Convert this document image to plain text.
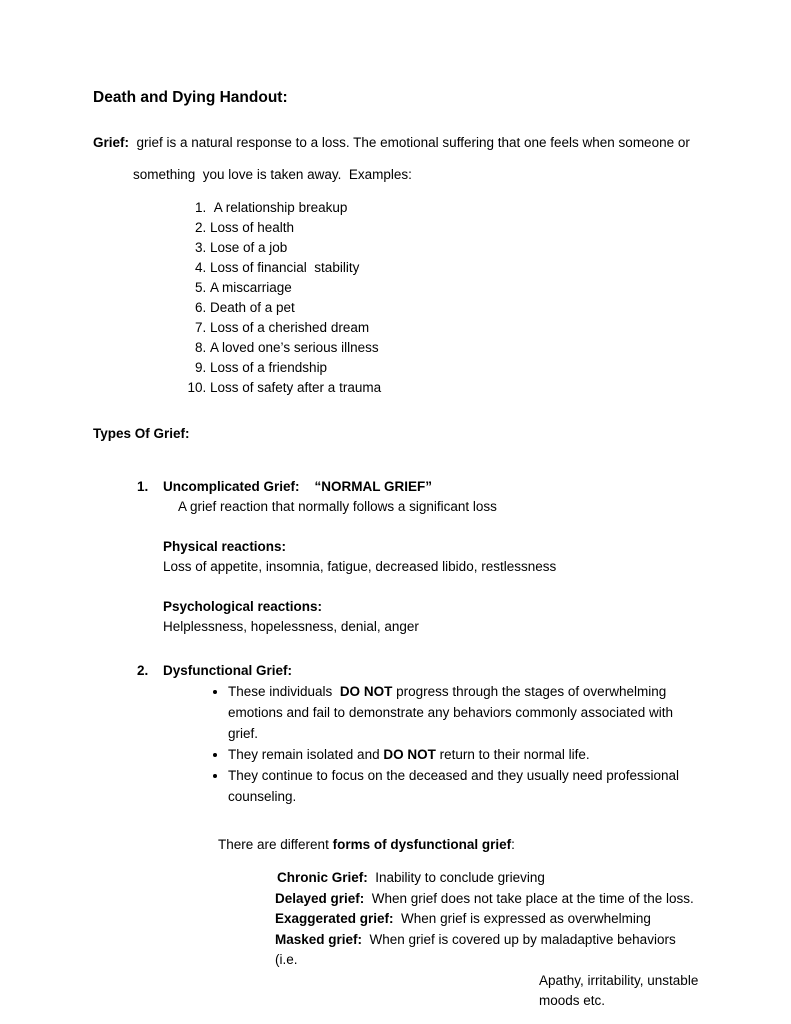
Death and Dying Handout:

Grief:  grief is a natural response to a loss. The emotional suffering that one feels when someone or

something  you love is taken away.  Examples:

1.  A relationship breakup
2. Loss of health
3. Lose of a job
4. Loss of financial  stability
5. A miscarriage
6. Death of a pet
7. Loss of a cherished dream
8. A loved one’s serious illness
9. Loss of a friendship
10. Loss of safety after a trauma

Types Of Grief:

1. Uncomplicated Grief:    “NORMAL GRIEF”

A grief reaction that normally follows a significant loss

Physical reactions:
Loss of appetite, insomnia, fatigue, decreased libido, restlessness
Psychological reactions:
Helplessness, hopelessness, denial, anger

2. Dysfunctional Grief:

• These individuals  DO NOT progress through the stages of overwhelming emotions and fail to demonstrate any behaviors commonly associated with grief.
• They remain isolated and DO NOT return to their normal life.
• They continue to focus on the deceased and they usually need professional counseling.

There are different forms of dysfunctional grief:

Chronic Grief:  Inability to conclude grieving
Delayed grief:  When grief does not take place at the time of the loss.
Exaggerated grief:  When grief is expressed as overwhelming
Masked grief:  When grief is covered up by maladaptive behaviors  (i.e.
Apathy, irritability, unstable moods etc.
